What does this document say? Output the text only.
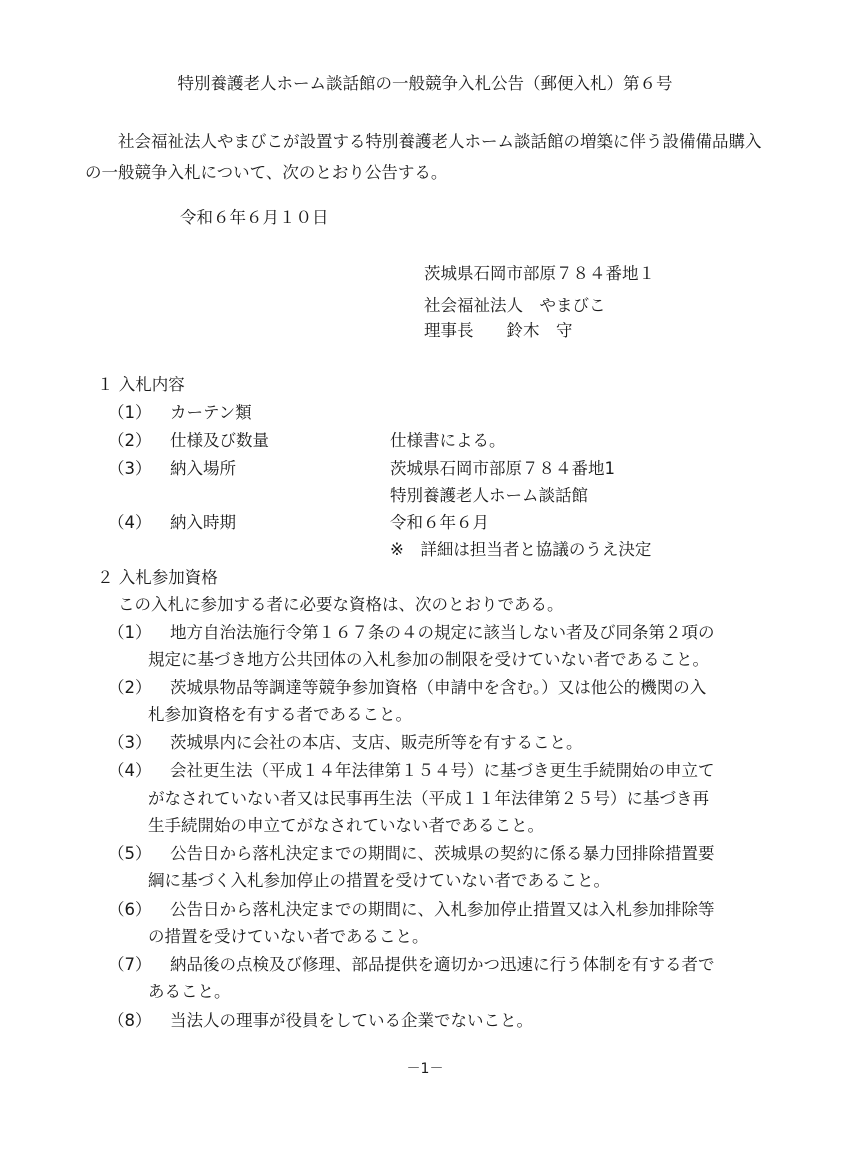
特別養護老人ホーム談話館の一般競争入札公告（郵便入札）第６号
社会福祉法人やまびこが設置する特別養護老人ホーム談話館の増築に伴う設備備品購入の一般競争入札について、次のとおり公告する。
令和６年６月１０日
茨城県石岡市部原７８４番地１
社会福祉法人　やまびこ
理事長　　鈴木　守
１ 入札内容
（1） カーテン類
（2） 仕様及び数量	仕様書による。
（3） 納入場所	茨城県石岡市部原７８４番地1
特別養護老人ホーム談話館
（4） 納入時期	令和６年６月
※　詳細は担当者と協議のうえ決定
２ 入札参加資格
この入札に参加する者に必要な資格は、次のとおりである。
（1） 地方自治法施行令第１６７条の４の規定に該当しない者及び同条第２項の
規定に基づき地方公共団体の入札参加の制限を受けていない者であること。
（2） 茨城県物品等調達等競争参加資格（申請中を含む。）又は他公的機関の入
札参加資格を有する者であること。
（3） 茨城県内に会社の本店、支店、販売所等を有すること。
（4） 会社更生法（平成１４年法律第１５４号）に基づき更生手続開始の申立て
がなされていない者又は民事再生法（平成１１年法律第２５号）に基づき再
生手続開始の申立てがなされていない者であること。
（5） 公告日から落札決定までの期間に、茨城県の契約に係る暴力団排除措置要
綱に基づく入札参加停止の措置を受けていない者であること。
（6） 公告日から落札決定までの期間に、入札参加停止措置又は入札参加排除等
の措置を受けていない者であること。
（7） 納品後の点検及び修理、部品提供を適切かつ迅速に行う体制を有する者で
あること。
（8） 当法人の理事が役員をしている企業でないこと。
－1－
